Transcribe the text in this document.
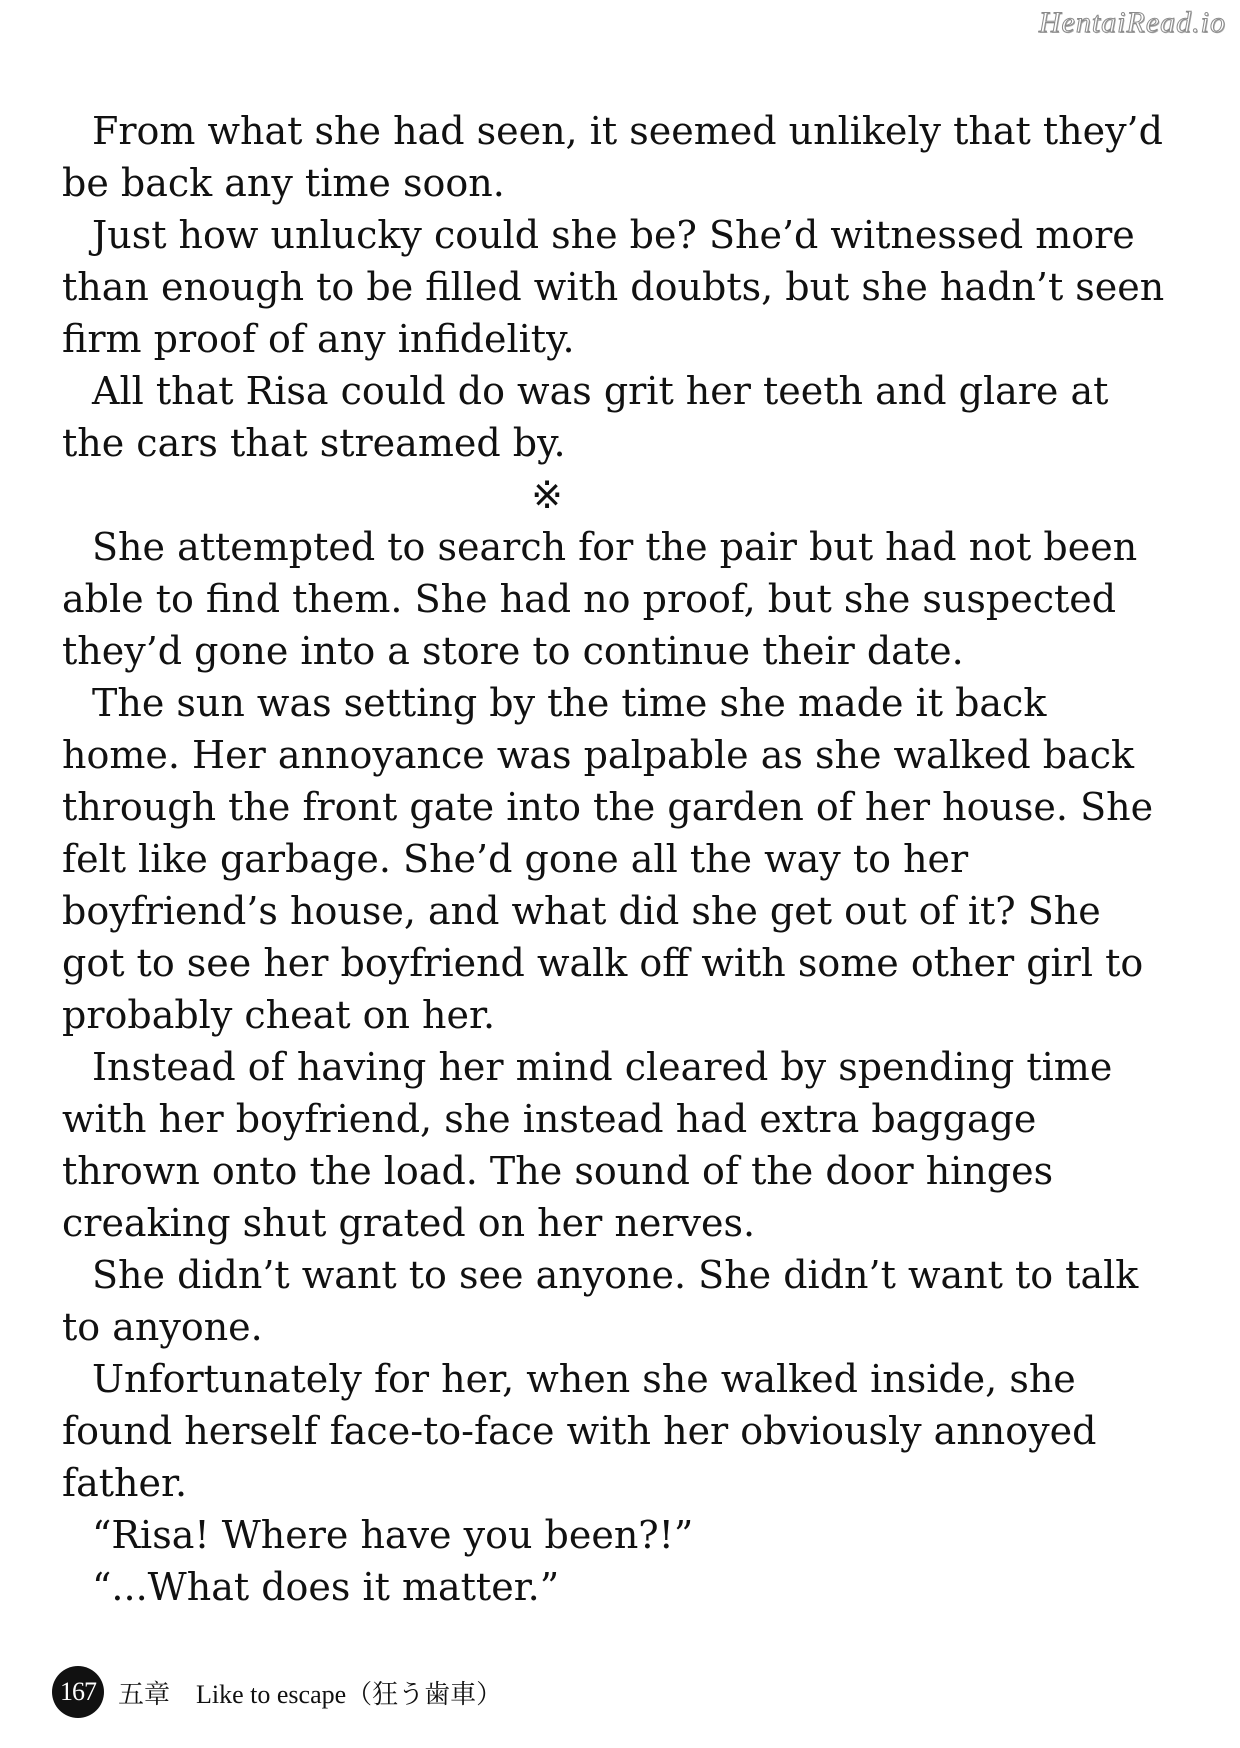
HentaiRead.io

From what she had seen, it seemed unlikely that they’d be back any time soon.

Just how unlucky could she be? She’d witnessed more than enough to be filled with doubts, but she hadn’t seen firm proof of any infidelity.

All that Risa could do was grit her teeth and glare at the cars that streamed by.

※

She attempted to search for the pair but had not been able to find them. She had no proof, but she suspected they’d gone into a store to continue their date.

The sun was setting by the time she made it back home. Her annoyance was palpable as she walked back through the front gate into the garden of her house. She felt like garbage. She’d gone all the way to her boyfriend’s house, and what did she get out of it? She got to see her boyfriend walk off with some other girl to probably cheat on her.

Instead of having her mind cleared by spending time with her boyfriend, she instead had extra baggage thrown onto the load. The sound of the door hinges creaking shut grated on her nerves.

She didn’t want to see anyone. She didn’t want to talk to anyone.

Unfortunately for her, when she walked inside, she found herself face-to-face with her obviously annoyed father.

“Risa! Where have you been?!”

“...What does it matter.”

167 五章　Like to escape（狂う歯車）
